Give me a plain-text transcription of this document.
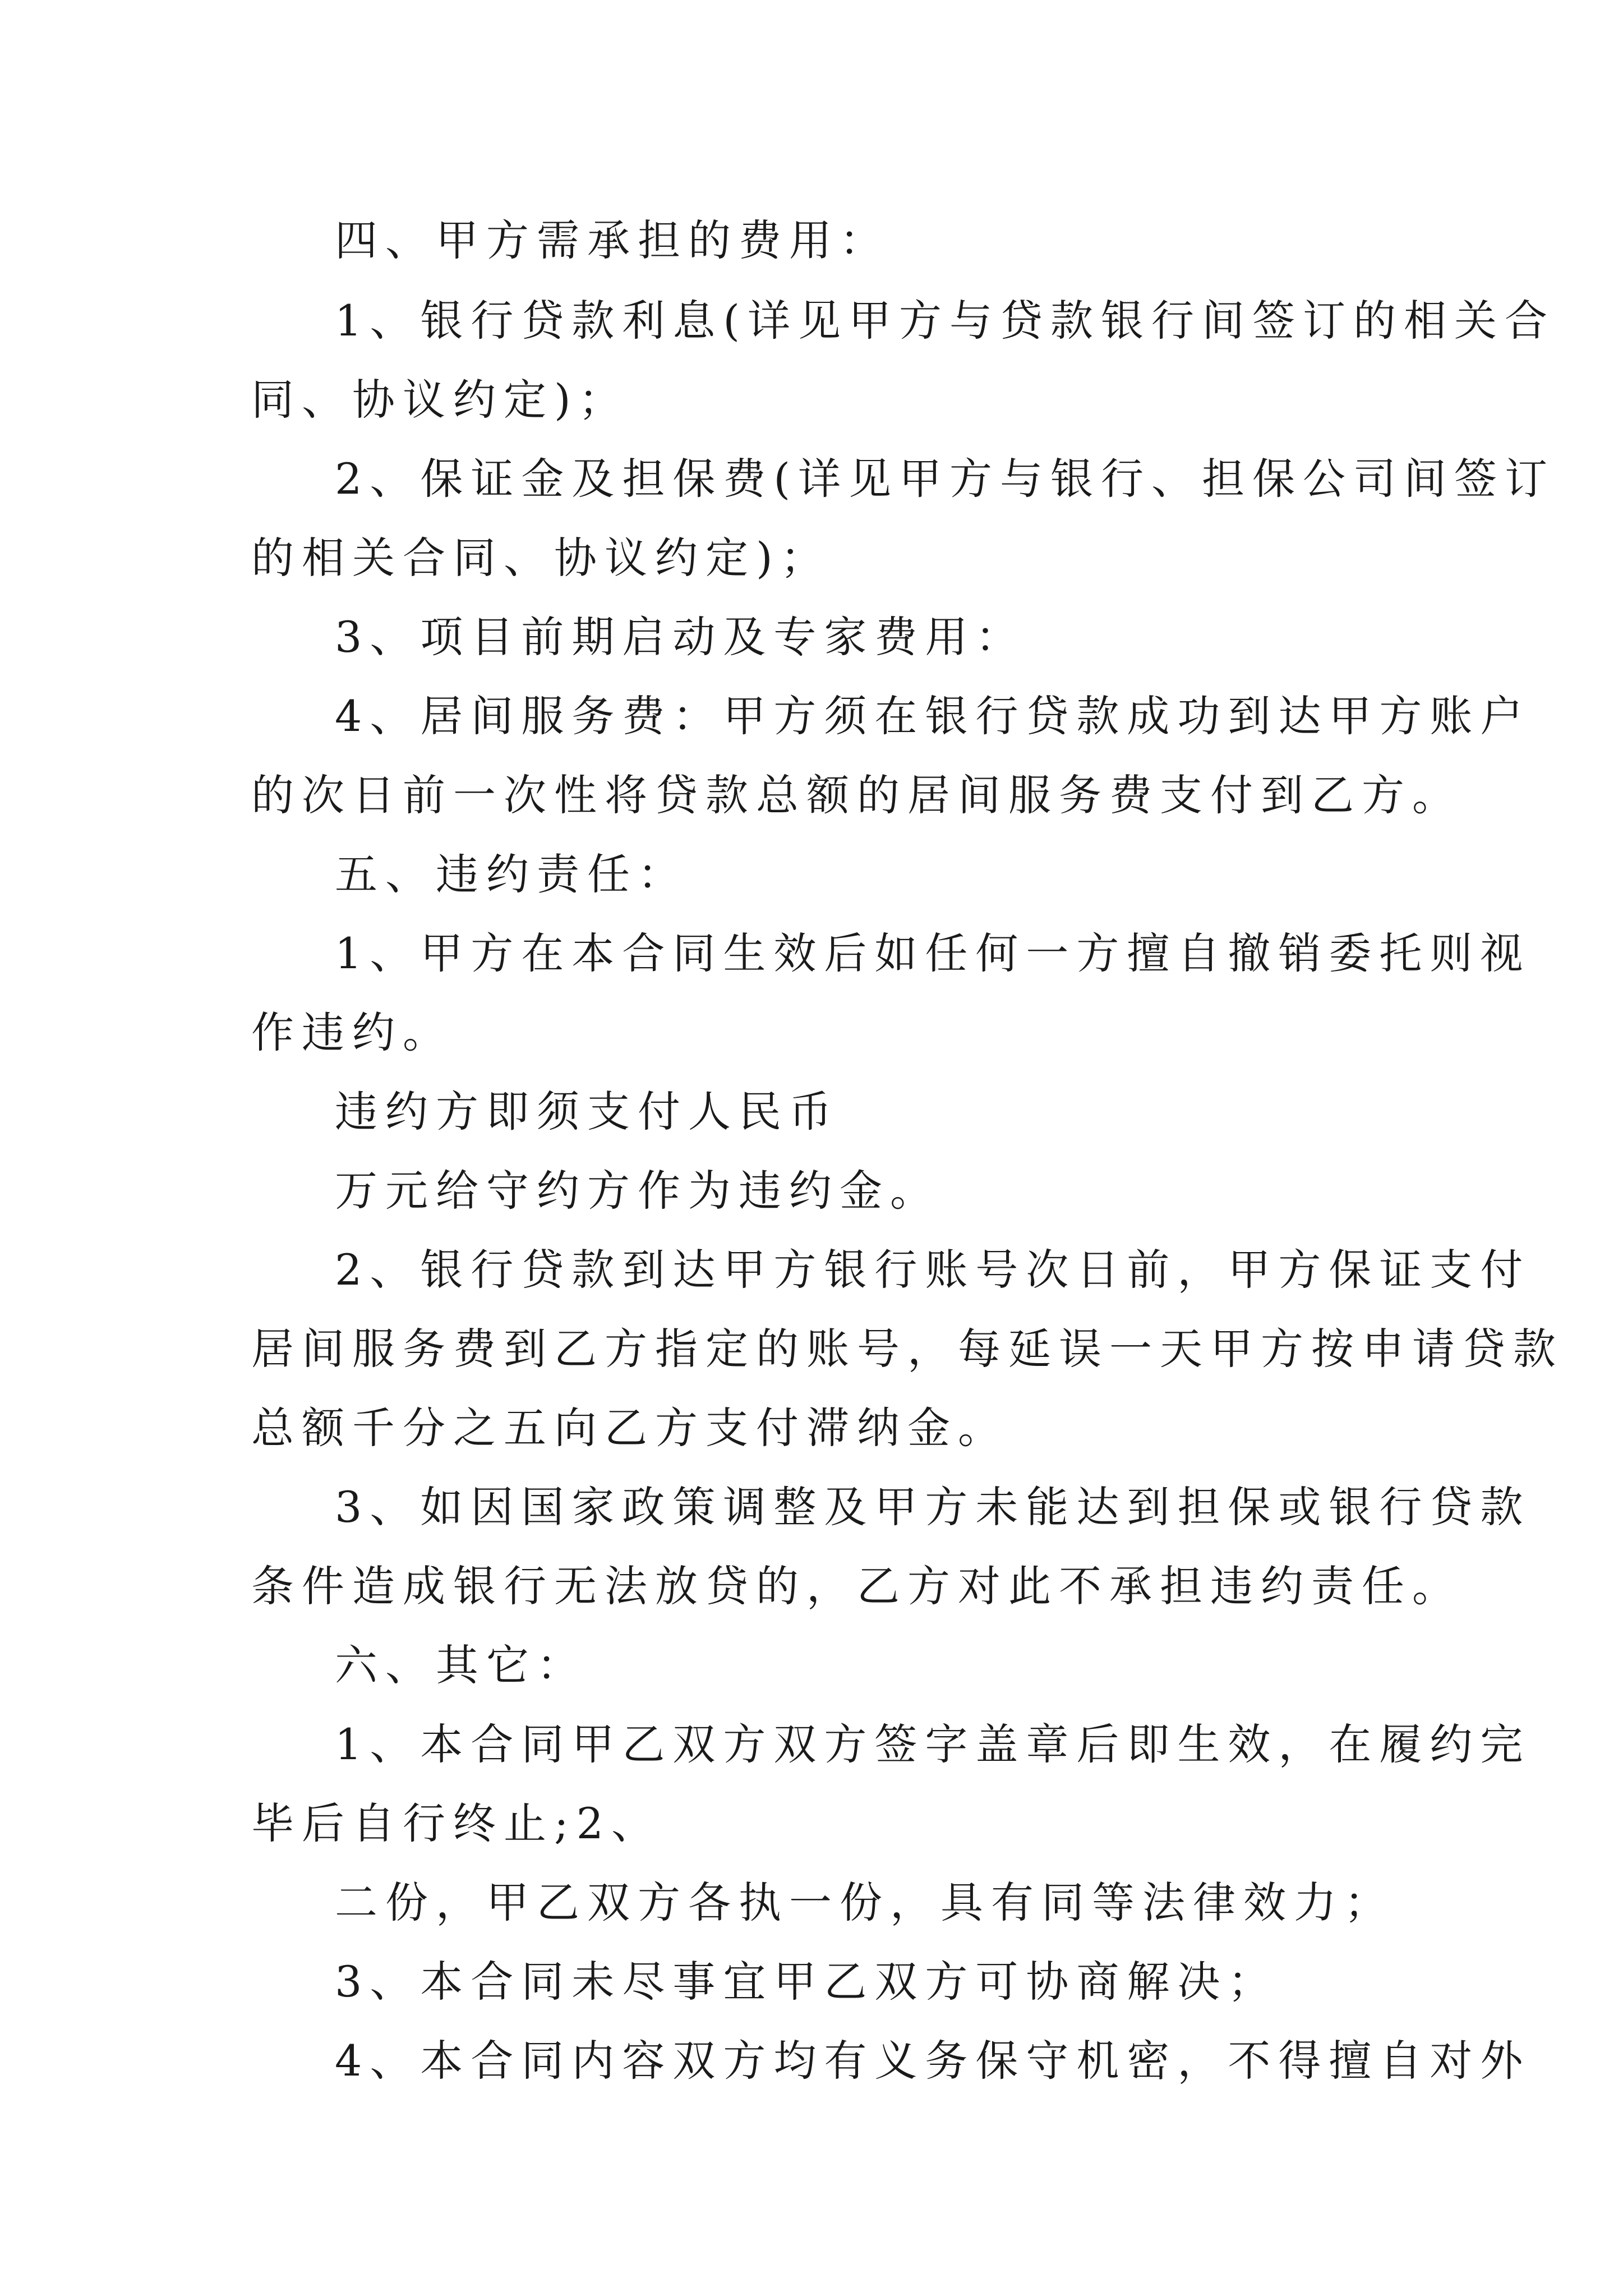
四、甲方需承担的费用：
1、银行贷款利息(详见甲方与贷款银行间签订的相关合
同、协议约定)；
2、保证金及担保费(详见甲方与银行、担保公司间签订
的相关合同、协议约定)；
3、项目前期启动及专家费用：
4、居间服务费：甲方须在银行贷款成功到达甲方账户
的次日前一次性将贷款总额的居间服务费支付到乙方。
五、违约责任：
1、甲方在本合同生效后如任何一方擅自撤销委托则视
作违约。
违约方即须支付人民币
万元给守约方作为违约金。
2、银行贷款到达甲方银行账号次日前，甲方保证支付
居间服务费到乙方指定的账号，每延误一天甲方按申请贷款
总额千分之五向乙方支付滞纳金。
3、如因国家政策调整及甲方未能达到担保或银行贷款
条件造成银行无法放贷的，乙方对此不承担违约责任。
六、其它：
1、本合同甲乙双方双方签字盖章后即生效，在履约完
毕后自行终止;2、
二份，甲乙双方各执一份，具有同等法律效力；
3、本合同未尽事宜甲乙双方可协商解决；
4、本合同内容双方均有义务保守机密，不得擅自对外
